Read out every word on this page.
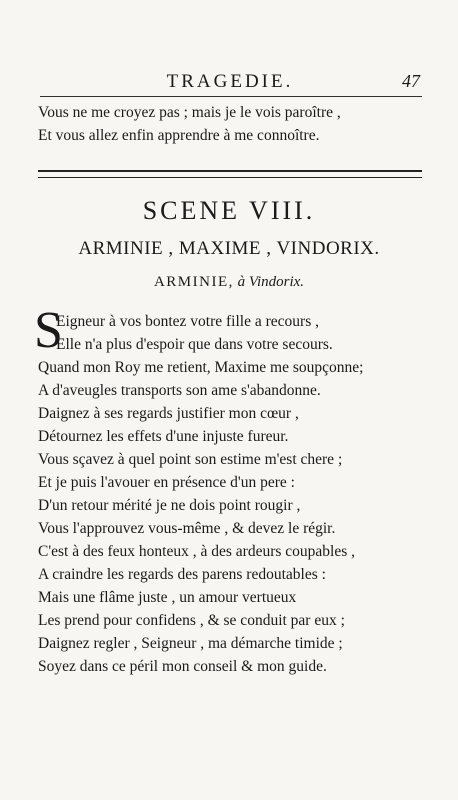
TRAGEDIE.	47
Vous ne me croyez pas ; mais je le vois paroître ,
Et vous allez enfin apprendre à me connoître.
SCENE VIII.
ARMINIE , MAXIME , VINDORIX.
ARMINIE, à Vindorix.
S
Eigneur à vos bontez votre fille a recours ,
Elle n'a plus d'espoir que dans votre secours.
Quand mon Roy me retient, Maxime me soupçonne;
A d'aveugles transports son ame s'abandonne.
Daignez à ses regards justifier mon cœur ,
Détournez les effets d'une injuste fureur.
Vous sçavez à quel point son estime m'est chere ;
Et je puis l'avouer en présence d'un pere :
D'un retour mérité je ne dois point rougir ,
Vous l'approuvez vous-même , & devez le régir.
C'est à des feux honteux , à des ardeurs coupables ,
A craindre les regards des parens redoutables :
Mais une flâme juste , un amour vertueux
Les prend pour confidens , & se conduit par eux ;
Daignez regler , Seigneur , ma démarche timide ;
Soyez dans ce péril mon conseil & mon guide.
